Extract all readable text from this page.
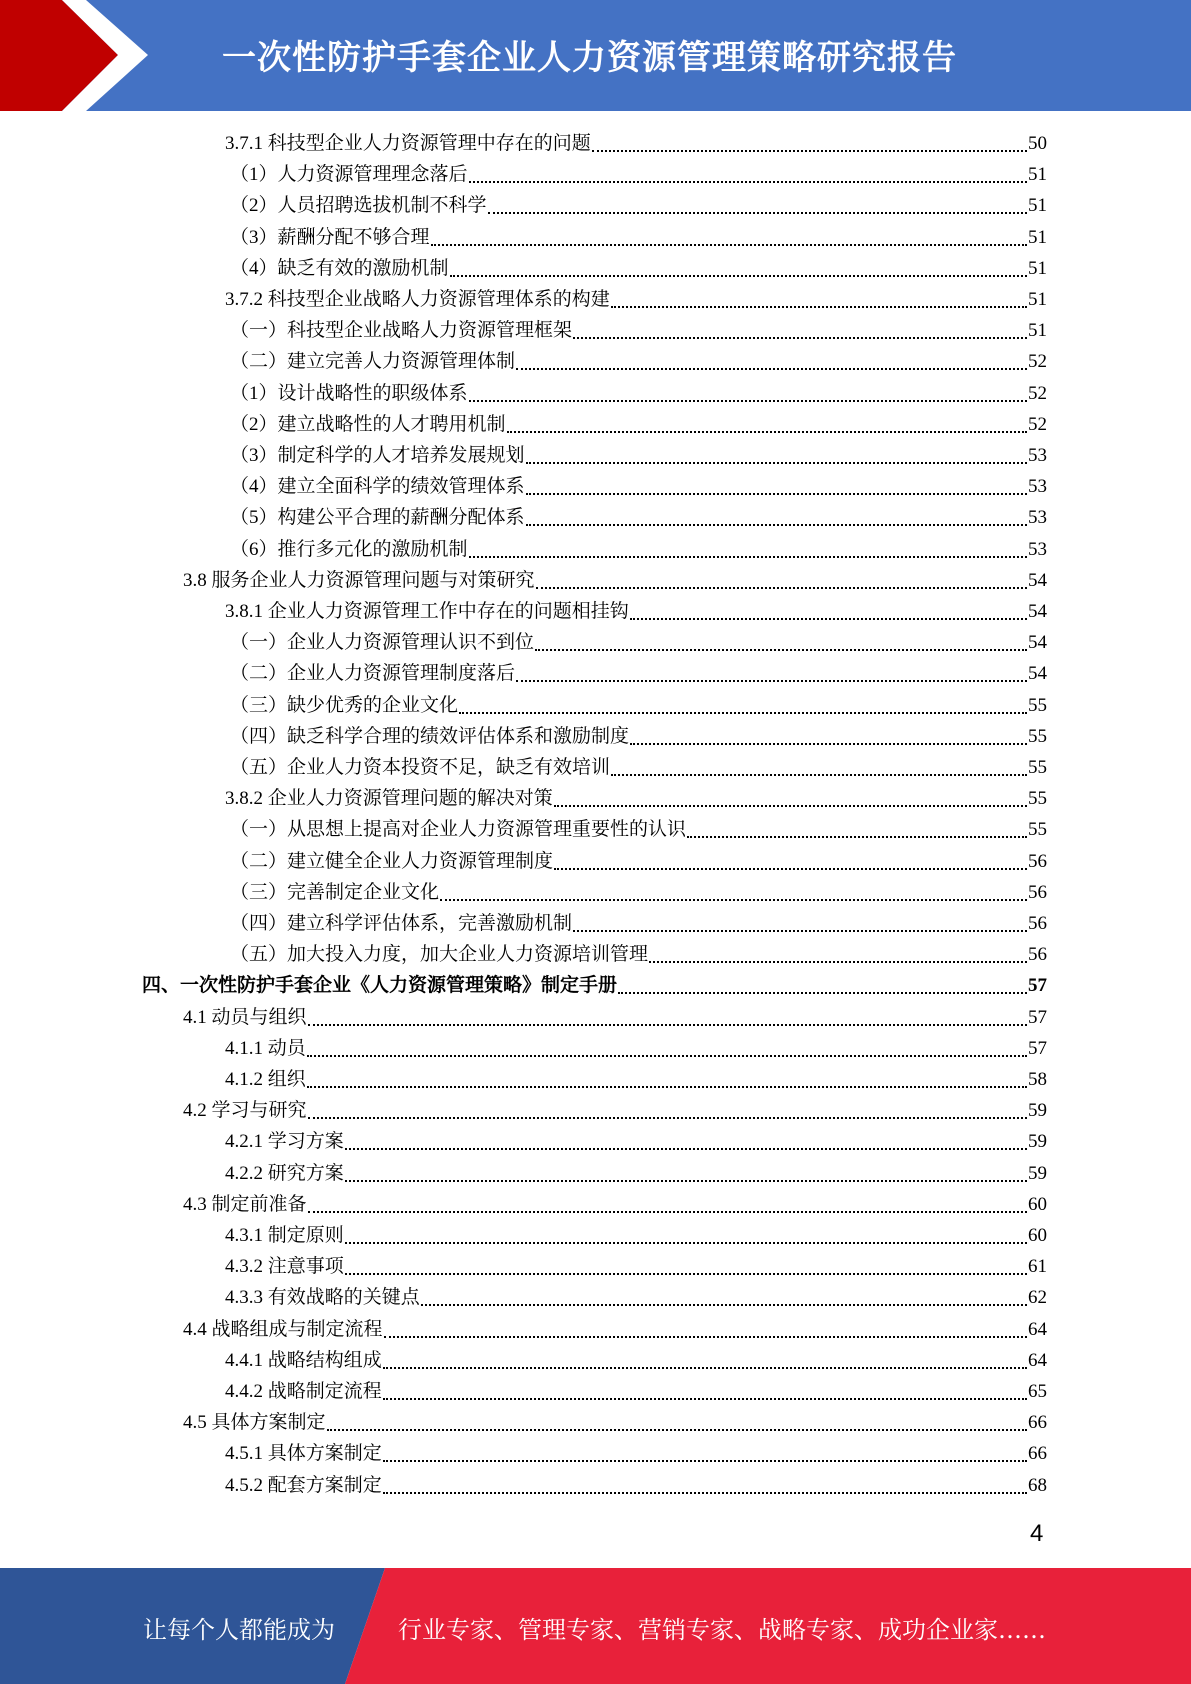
一次性防护手套企业人力资源管理策略研究报告
3.7.1 科技型企业人力资源管理中存在的问题	50
（1）人力资源管理理念落后	51
（2）人员招聘选拔机制不科学	51
（3）薪酬分配不够合理	51
（4）缺乏有效的激励机制	51
3.7.2 科技型企业战略人力资源管理体系的构建	51
（一）科技型企业战略人力资源管理框架	51
（二）建立完善人力资源管理体制	52
（1）设计战略性的职级体系	52
（2）建立战略性的人才聘用机制	52
（3）制定科学的人才培养发展规划	53
（4）建立全面科学的绩效管理体系	53
（5）构建公平合理的薪酬分配体系	53
（6）推行多元化的激励机制	53
3.8 服务企业人力资源管理问题与对策研究	54
3.8.1 企业人力资源管理工作中存在的问题相挂钩	54
（一）企业人力资源管理认识不到位	54
（二）企业人力资源管理制度落后	54
（三）缺少优秀的企业文化	55
（四）缺乏科学合理的绩效评估体系和激励制度	55
（五）企业人力资本投资不足，缺乏有效培训	55
3.8.2 企业人力资源管理问题的解决对策	55
（一）从思想上提高对企业人力资源管理重要性的认识	55
（二）建立健全企业人力资源管理制度	56
（三）完善制定企业文化	56
（四）建立科学评估体系，完善激励机制	56
（五）加大投入力度，加大企业人力资源培训管理	56
四、一次性防护手套企业《人力资源管理策略》制定手册	57
4.1 动员与组织	57
4.1.1 动员	57
4.1.2 组织	58
4.2 学习与研究	59
4.2.1 学习方案	59
4.2.2 研究方案	59
4.3 制定前准备	60
4.3.1 制定原则	60
4.3.2 注意事项	61
4.3.3 有效战略的关键点	62
4.4 战略组成与制定流程	64
4.4.1 战略结构组成	64
4.4.2 战略制定流程	65
4.5 具体方案制定	66
4.5.1 具体方案制定	66
4.5.2 配套方案制定	68
4
让每个人都能成为	行业专家、管理专家、营销专家、战略专家、成功企业家……
